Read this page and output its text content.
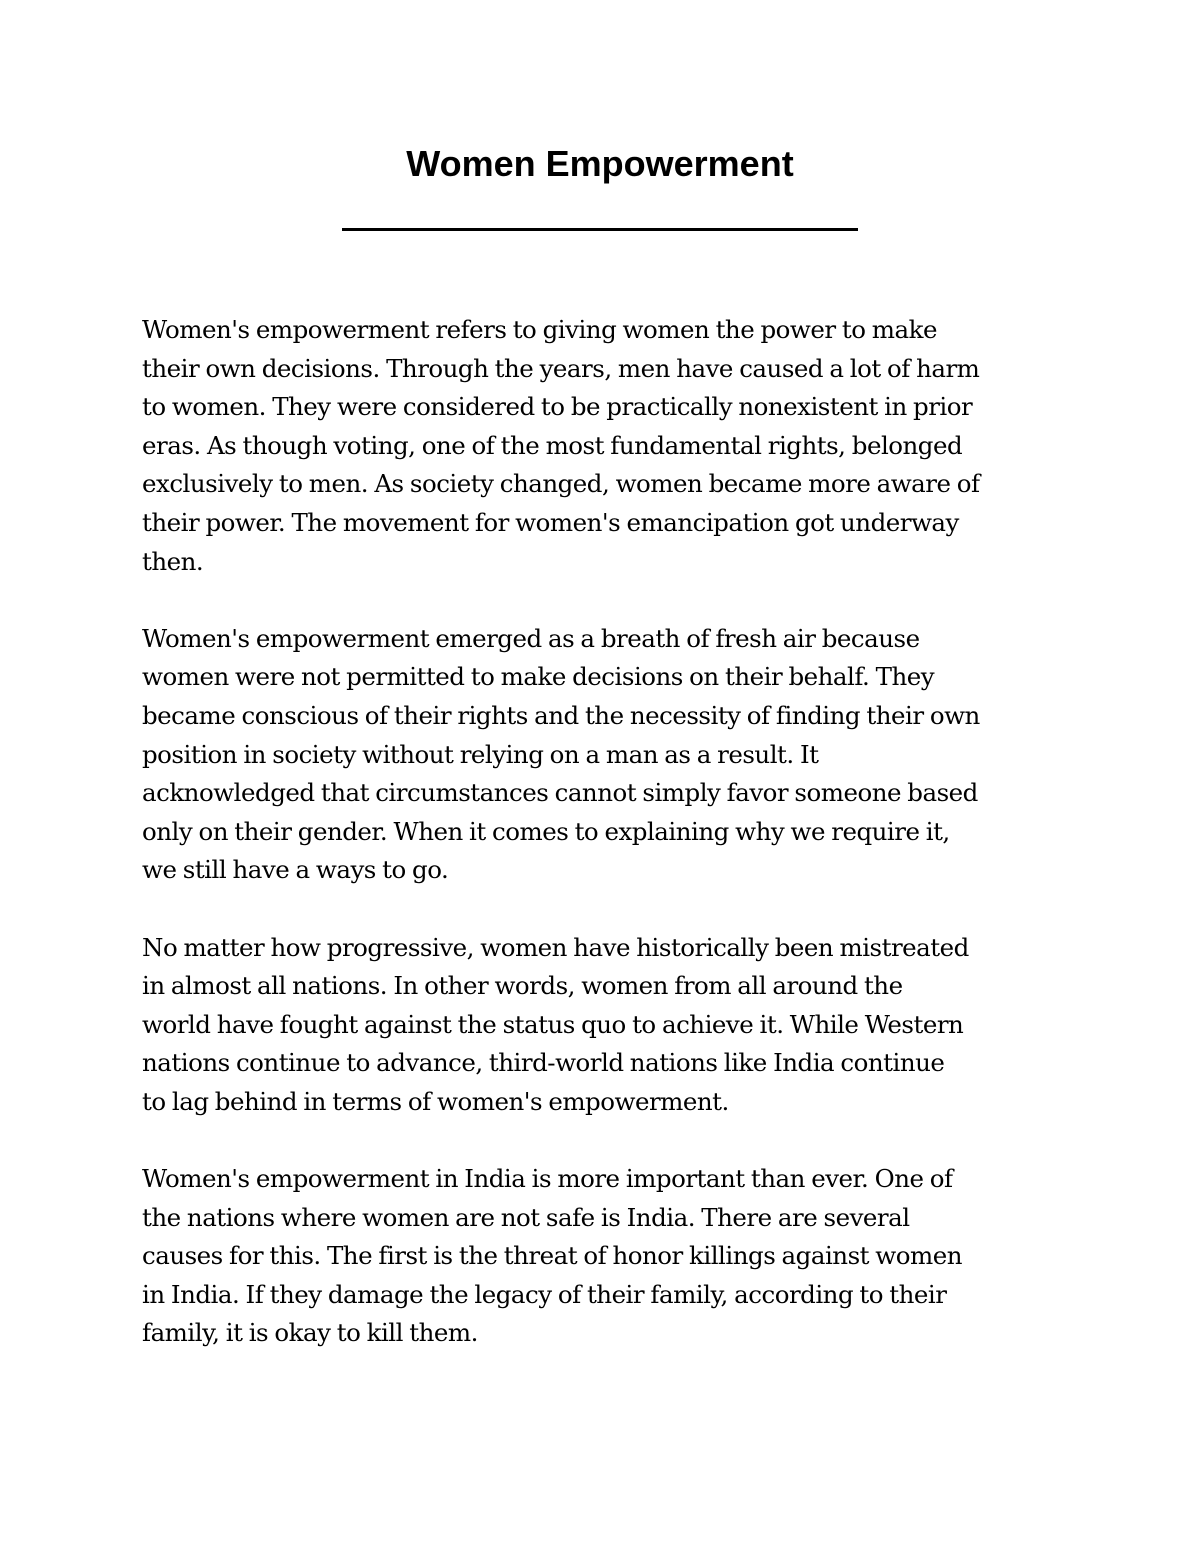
Women Empowerment

Women's empowerment refers to giving women the power to make
their own decisions. Through the years, men have caused a lot of harm
to women. They were considered to be practically nonexistent in prior
eras. As though voting, one of the most fundamental rights, belonged
exclusively to men. As society changed, women became more aware of
their power. The movement for women's emancipation got underway
then.

Women's empowerment emerged as a breath of fresh air because
women were not permitted to make decisions on their behalf. They
became conscious of their rights and the necessity of finding their own
position in society without relying on a man as a result. It
acknowledged that circumstances cannot simply favor someone based
only on their gender. When it comes to explaining why we require it,
we still have a ways to go.

No matter how progressive, women have historically been mistreated
in almost all nations. In other words, women from all around the
world have fought against the status quo to achieve it. While Western
nations continue to advance, third-world nations like India continue
to lag behind in terms of women's empowerment.

Women's empowerment in India is more important than ever. One of
the nations where women are not safe is India. There are several
causes for this. The first is the threat of honor killings against women
in India. If they damage the legacy of their family, according to their
family, it is okay to kill them.
